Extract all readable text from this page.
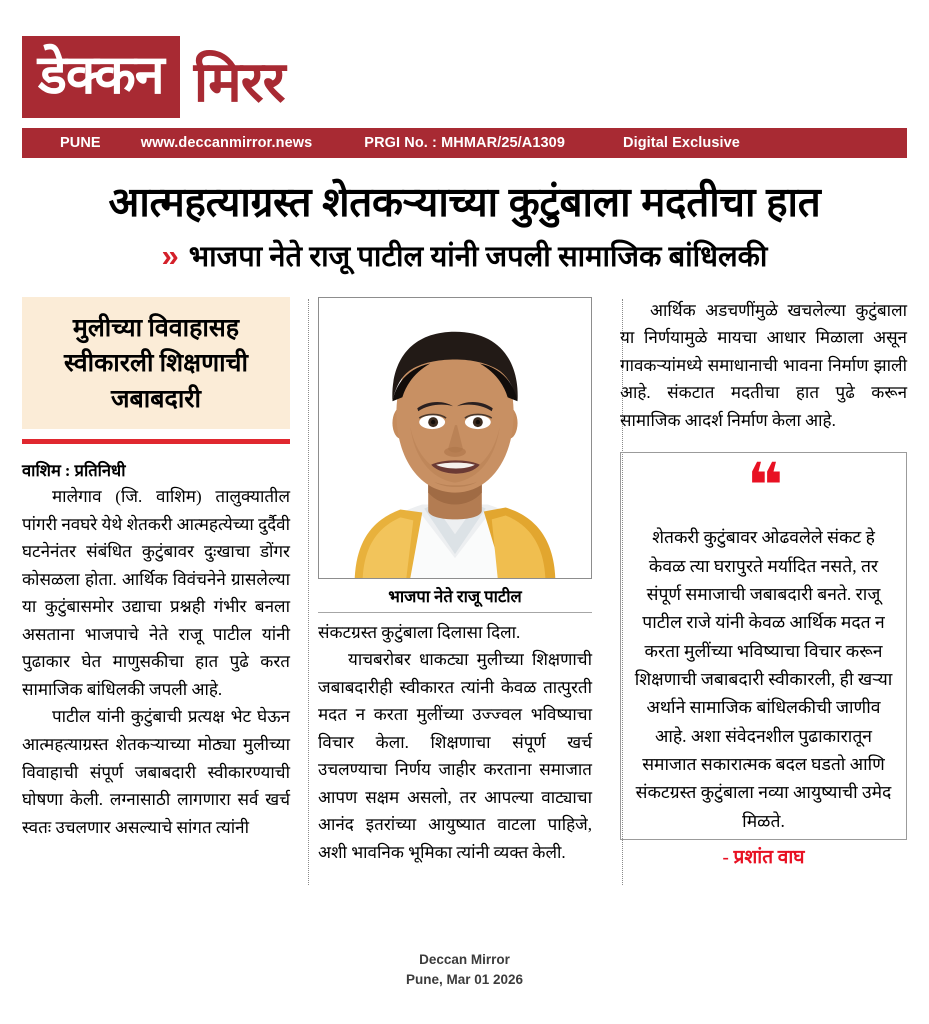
डेक्कन मिरर
PUNE	www.deccanmirror.news	PRGI No. : MHMAR/25/A1309	Digital Exclusive
आत्महत्याग्रस्त शेतकऱ्याच्या कुटुंबाला मदतीचा हात
» भाजपा नेते राजू पाटील यांनी जपली सामाजिक बांधिलकी
मुलीच्या विवाहासह स्वीकारली शिक्षणाची जबाबदारी
वाशिम : प्रतिनिधी

मालेगाव (जि. वाशिम) तालुक्यातील पांगरी नवघरे येथे शेतकरी आत्महत्येच्या दुर्दैवी घटनेनंतर संबंधित कुटुंबावर दुःखाचा डोंगर कोसळला होता. आर्थिक विवंचनेने ग्रासलेल्या या कुटुंबासमोर उद्याचा प्रश्नही गंभीर बनला असताना भाजपाचे नेते राजू पाटील यांनी पुढाकार घेत माणुसकीचा हात पुढे करत सामाजिक बांधिलकी जपली आहे.

पाटील यांनी कुटुंबाची प्रत्यक्ष भेट घेऊन आत्महत्याग्रस्त शेतकऱ्याच्या मोठ्या मुलीच्या विवाहाची संपूर्ण जबाबदारी स्वीकारण्याची घोषणा केली. लग्नासाठी लागणारा सर्व खर्च स्वतः उचलणार असल्याचे सांगत त्यांनी

भाजपा नेते राजू पाटील

संकटग्रस्त कुटुंबाला दिलासा दिला.

याचबरोबर धाकट्या मुलीच्या शिक्षणाची जबाबदारीही स्वीकारत त्यांनी केवळ तात्पुरती मदत न करता मुलींच्या उज्ज्वल भविष्याचा विचार केला. शिक्षणाचा संपूर्ण खर्च उचलण्याचा निर्णय जाहीर करताना ‍‍समाजात आपण सक्षम असलो, तर आपल्या वाट्याचा आनंद इतरांच्या आयुष्यात वाटला पाहिजे,‍‍ अशी भावनिक भूमिका त्यांनी व्यक्त केली.

आर्थिक अडचणींमुळे खचलेल्या कुटुंबाला या निर्णयामुळे मायचा आधार मिळाला असून गावकऱ्यांमध्ये समाधानाची भावना निर्माण झाली आहे. संकटात मदतीचा हात पुढे करून सामाजिक आदर्श निर्माण केला आहे.

❝
शेतकरी कुटुंबावर ओढवलेले संकट हे केवळ त्या घरापुरते मर्यादित नसते, तर संपूर्ण समाजाची जबाबदारी बनते. राजू पाटील राजे यांनी केवळ आर्थिक मदत न करता मुलींच्या भविष्याचा विचार करून शिक्षणाची जबाबदारी स्वीकारली, ही खऱ्या अर्थाने सामाजिक बांधिलकीची जाणीव आहे. अशा संवेदनशील पुढाकारातून समाजात सकारात्मक बदल घडतो आणि संकटग्रस्त कुटुंबाला नव्या आयुष्याची उमेद मिळते.
- प्रशांत वाघ
Deccan Mirror
Pune, Mar 01 2026
